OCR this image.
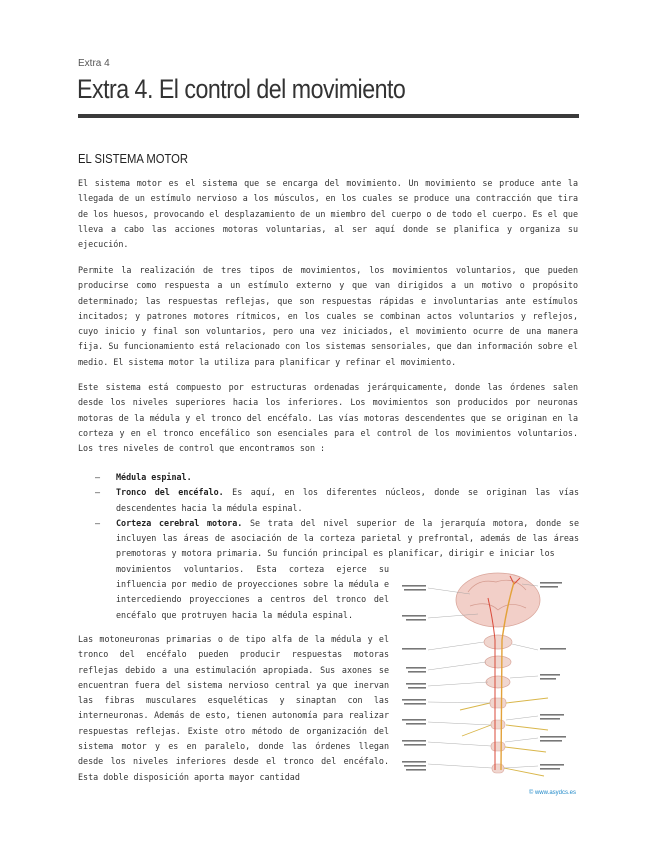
Extra 4
Extra 4. El control del movimiento
EL SISTEMA MOTOR

El sistema motor es el sistema que se encarga del movimiento. Un movimiento se produce ante la llegada de un estímulo nervioso a los músculos, en los cuales se produce una contracción que tira de los huesos, provocando el desplazamiento de un miembro del cuerpo o de todo el cuerpo. Es el que lleva a cabo las acciones motoras voluntarias, al ser aquí donde se planifica y organiza su ejecución.

Permite la realización de tres tipos de movimientos, los movimientos voluntarios, que pueden producirse como respuesta a un estímulo externo y que van dirigidos a un motivo o propósito determinado; las respuestas reflejas, que son respuestas rápidas e involuntarias ante estímulos incitados; y patrones motores rítmicos, en los cuales se combinan actos voluntarios y reflejos, cuyo inicio y final son voluntarios, pero una vez iniciados, el movimiento ocurre de una manera fija. Su funcionamiento está relacionado con los sistemas sensoriales, que dan información sobre el medio. El sistema motor la utiliza para planificar y refinar el movimiento.

Este sistema está compuesto por estructuras ordenadas jerárquicamente, donde las órdenes salen desde los niveles superiores hacia los inferiores. Los movimientos son producidos por neuronas motoras de la médula y el tronco del encéfalo. Las vías motoras descendentes que se originan en la corteza y en el tronco encefálico son esenciales para el control de los movimientos voluntarios. Los tres niveles de control que encontramos son :

– Médula espinal.
– Tronco del encéfalo. Es aquí, en los diferentes núcleos, donde se originan las vías descendentes hacia la médula espinal.
– Corteza cerebral motora. Se trata del nivel superior de la jerarquía motora, donde se incluyen las áreas de asociación de la corteza parietal y prefrontal, además de las áreas premotoras y motora primaria. Su función principal es planificar, dirigir e iniciar los
movimientos voluntarios. Esta corteza ejerce su influencia por medio de proyecciones sobre la médula e intercediendo proyecciones a centros del tronco del encéfalo que protruyen hacia la médula espinal.

Las motoneuronas primarias o de tipo alfa de la médula y el tronco del encéfalo pueden producir respuestas motoras reflejas debido a una estimulación apropiada. Sus axones se encuentran fuera del sistema nervioso central ya que inervan las fibras musculares esqueléticas y sinaptan con las interneuronas. Además de esto, tienen autonomía para realizar respuestas reflejas. Existe otro método de organización del sistema motor y es en paralelo, donde las órdenes llegan desde los niveles inferiores desde el tronco del encéfalo. Esta doble disposición aporta mayor cantidad

© www.asydcs.es
